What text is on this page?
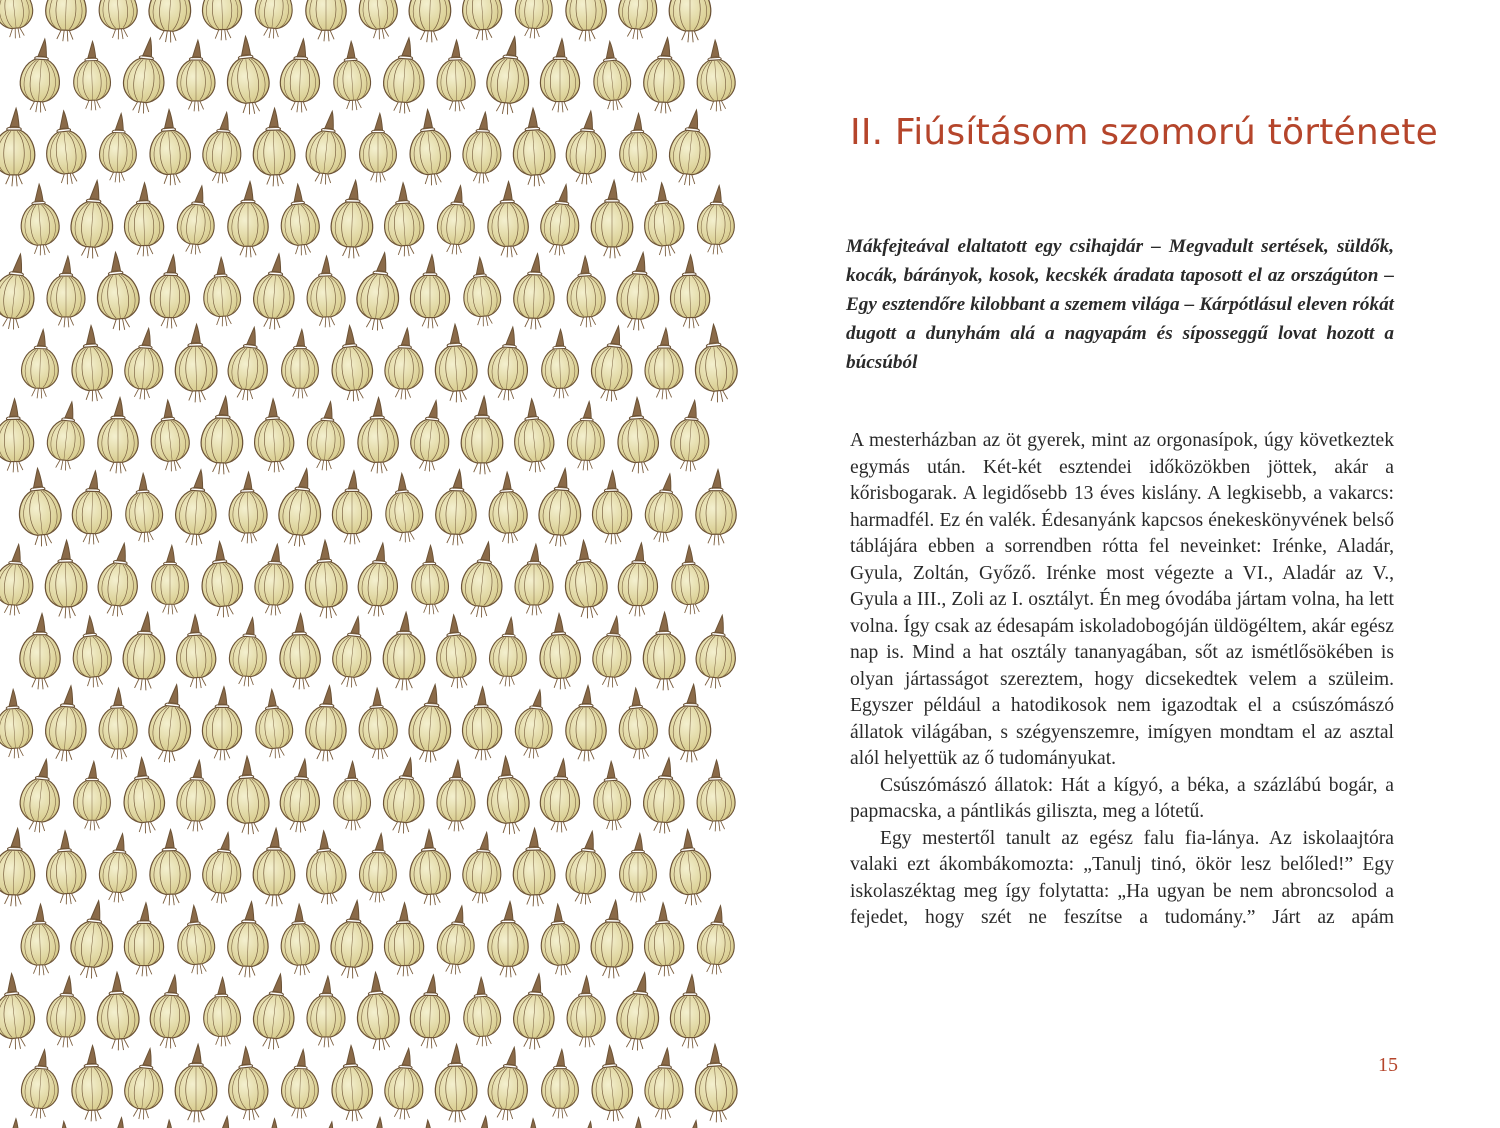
II. Fiúsításom szomorú története

Mákfejteával elaltatott egy csihajdár – Megvadult sertések, süldők, kocák, bárányok, kosok, kecskék áradata taposott el az országúton – Egy esztendőre kilobbant a szemem világa – Kárpótlásul eleven rókát dugott a dunyhám alá a nagyapám és síposseggű lovat hozott a búcsúból

A mesterházban az öt gyerek, mint az orgonasípok, úgy következtek egymás után. Két-két esztendei időközökben jöttek, akár a kőrisbogarak. A legidősebb 13 éves kislány. A legkisebb, a vakarcs: harmadfél. Ez én valék. Édesanyánk kapcsos énekeskönyvének belső táblájára ebben a sorrendben rótta fel neveinket: Irénke, Aladár, Gyula, Zoltán, Győző. Irénke most végezte a VI., Aladár az V., Gyula a III., Zoli az I. osztályt. Én meg óvodába jártam volna, ha lett volna. Így csak az édesapám iskoladobogóján üldögéltem, akár egész nap is. Mind a hat osztály tananyagában, sőt az ismétlősökében is olyan jártasságot szereztem, hogy dicsekedtek velem a szüleim. Egyszer például a hatodikosok nem igazodtak el a csúszómászó állatok világában, s szégyenszemre, imígyen mondtam el az asztal alól helyettük az ő tudományukat.

Csúszómászó állatok: Hát a kígyó, a béka, a százlábú bogár, a papmacska, a pántlikás giliszta, meg a lótetű.

Egy mestertől tanult az egész falu fia-lánya. Az iskolaajtóra valaki ezt ákombákomozta: „Tanulj tinó, ökör lesz belőled!” Egy iskolaszéktag meg így folytatta: „Ha ugyan be nem abroncsolod a fejedet, hogy szét ne feszítse a tudomány.” Járt az apám

15
